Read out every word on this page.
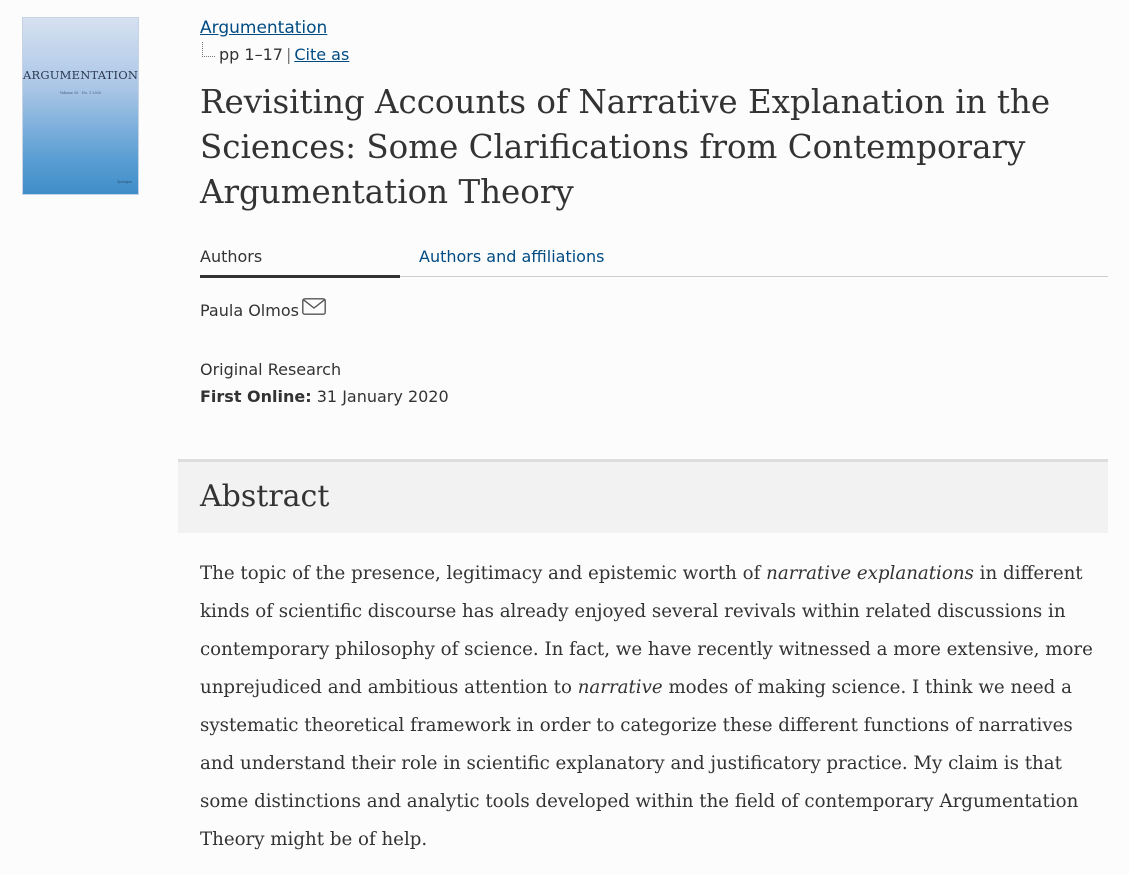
ARGUMENTATION
Volume 35 · No. 1 2020
Springer
Argumentation
pp 1–17 | Cite as
Revisiting Accounts of Narrative Explanation in the Sciences: Some Clarifications from Contemporary Argumentation Theory
Authors	Authors and affiliations
Paula Olmos
Original Research
First Online: 31 January 2020
Abstract

The topic of the presence, legitimacy and epistemic worth of narrative explanations in different kinds of scientific discourse has already enjoyed several revivals within related discussions in contemporary philosophy of science. In fact, we have recently witnessed a more extensive, more unprejudiced and ambitious attention to narrative modes of making science. I think we need a systematic theoretical framework in order to categorize these different functions of narratives and understand their role in scientific explanatory and justificatory practice. My claim is that some distinctions and analytic tools developed within the field of contemporary Argumentation Theory might be of help.
